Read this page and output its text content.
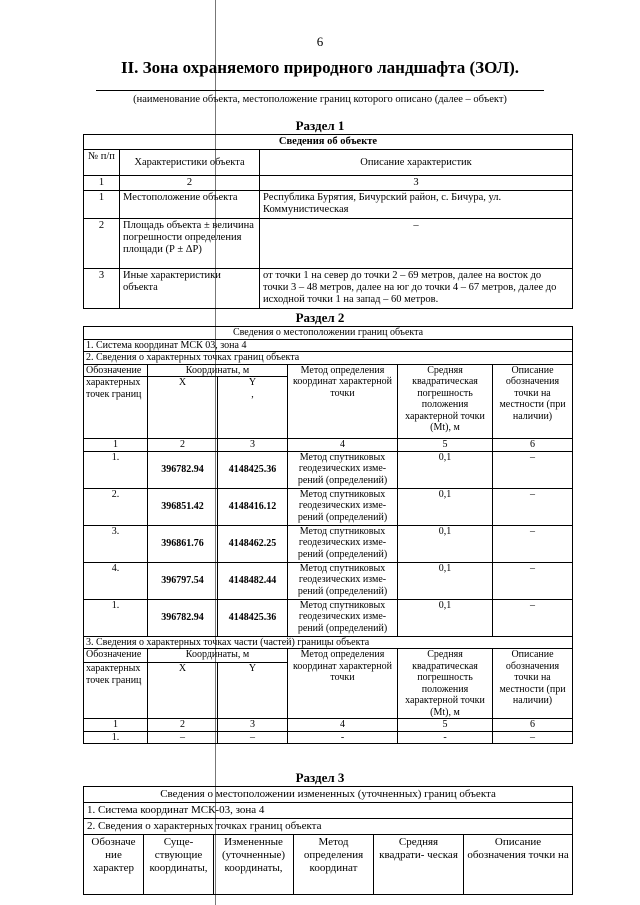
6
II. Зона охраняемого природного ландшафта (ЗОЛ).
(наименование объекта, местоположение границ которого описано (далее – объект)
Раздел 1
Сведения об объекте		
№ п/п	Характеристики объекта	Описание характеристик
1	2	3
1	Местоположение объекта	Республика Бурятия, Бичурский район, с. Бичура, ул. Коммунистическая
2	Площадь объекта ± величина погрешности определения площади (Р ± ΔР)	–
3	Иные характеристики объекта	от точки 1 на север до точки 2 – 69 метров, далее на восток до точки 3 – 48 метров, далее на юг до точки 4 – 67 метров, далее до исходной точки 1 на запад – 60 метров.
Раздел 2
Сведения о местоположении границ объекта					
1. Система координат МСК 03, зона 4					
2. Сведения о характерных точках границ объекта					
Обозначение	Координаты, м		Метод определения координат характерной точки	Средняя квадратическая погрешность положения характерной точки (Mt), м	Описание обозначения точки на местности (при наличии)
характерных точек границ	X	Y
,			
1	2	3	4	5	6
1.	396782.94	4148425.36	Метод спутниковых геодезических изме-рений (определений)	0,1	–
2.	396851.42	4148416.12	Метод спутниковых геодезических изме-рений (определений)	0,1	–
3.	396861.76	4148462.25	Метод спутниковых геодезических изме-рений (определений)	0,1	–
4.	396797.54	4148482.44	Метод спутниковых геодезических изме-рений (определений)	0,1	–
1.	396782.94	4148425.36	Метод спутниковых геодезических изме-рений (определений)	0,1	–
3. Сведения о характерных точках части (частей) границы объекта					
Обозначение	Координаты, м		Метод определения координат характерной точки	Средняя квадратическая погрешность положения характерной точки (Mt), м	Описание обозначения точки на местности (при наличии)
характерных точек границ	X	Y			
1	2	3	4	5	6
1.	–	–	-	-	–
Раздел 3
Сведения о местоположении измененных (уточненных) границ объекта
1. Система координат МСК-03, зона 4
2. Сведения о характерных точках границ объекта
Обозначе ние характер	Суще- ствующие координаты,	Измененные (уточненные) координаты,	Метод определения координат	Средняя квадрати- ческая	Описание обозначения точки на
